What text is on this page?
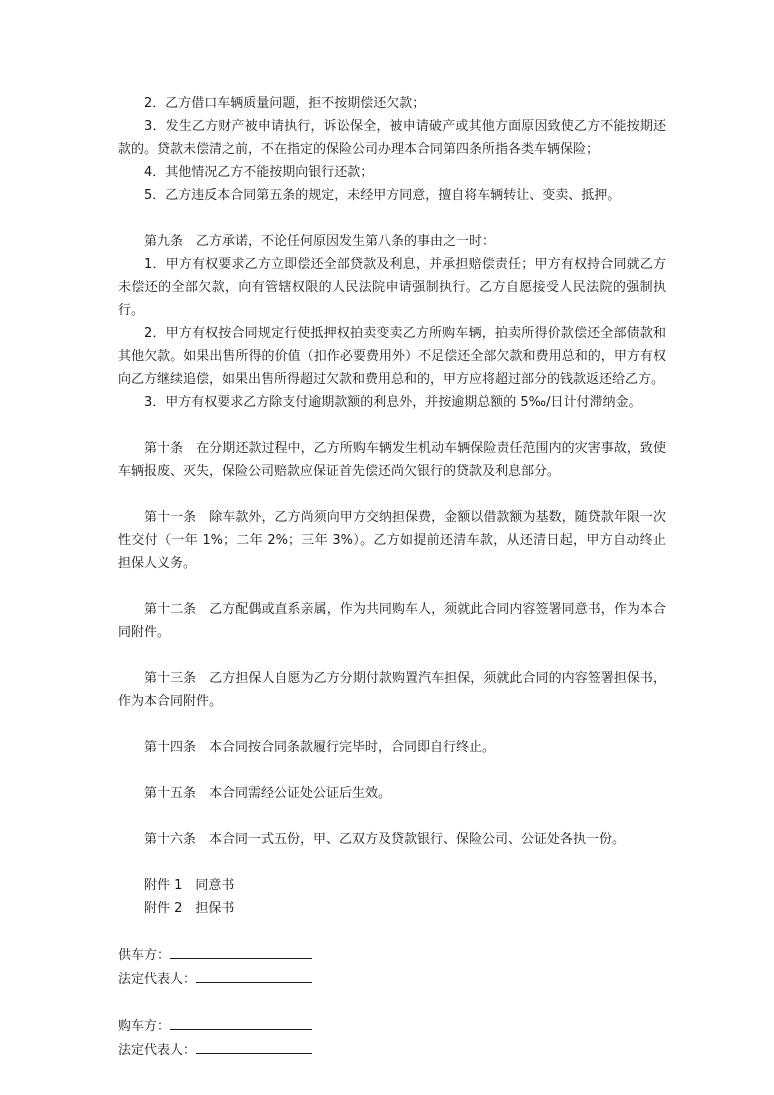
2．乙方借口车辆质量问题，拒不按期偿还欠款；

3．发生乙方财产被申请执行，诉讼保全，被申请破产或其他方面原因致使乙方不能按期还款的。贷款未偿清之前，不在指定的保险公司办理本合同第四条所指各类车辆保险；

4．其他情况乙方不能按期向银行还款；

5．乙方违反本合同第五条的规定，未经甲方同意，擅自将车辆转让、变卖、抵押。

第九条　乙方承诺，不论任何原因发生第八条的事由之一时：

1．甲方有权要求乙方立即偿还全部贷款及利息，并承担赔偿责任；甲方有权持合同就乙方未偿还的全部欠款，向有管辖权限的人民法院申请强制执行。乙方自愿接受人民法院的强制执行。

2．甲方有权按合同规定行使抵押权拍卖变卖乙方所购车辆，拍卖所得价款偿还全部债款和其他欠款。如果出售所得的价值（扣作必要费用外）不足偿还全部欠款和费用总和的，甲方有权向乙方继续追偿，如果出售所得超过欠款和费用总和的，甲方应将超过部分的钱款返还给乙方。

3．甲方有权要求乙方除支付逾期款额的利息外，并按逾期总额的 5‰/日计付滞纳金。

第十条　在分期还款过程中，乙方所购车辆发生机动车辆保险责任范围内的灾害事故，致使车辆报废、灭失，保险公司赔款应保证首先偿还尚欠银行的贷款及利息部分。

第十一条　除车款外，乙方尚须向甲方交纳担保费，金额以借款额为基数，随贷款年限一次性交付（一年 1%；二年 2%；三年 3%）。乙方如提前还清车款，从还清日起，甲方自动终止担保人义务。

第十二条　乙方配偶或直系亲属，作为共同购车人，须就此合同内容签署同意书，作为本合同附件。

第十三条　乙方担保人自愿为乙方分期付款购置汽车担保，须就此合同的内容签署担保书，作为本合同附件。

第十四条　本合同按合同条款履行完毕时，合同即自行终止。

第十五条　本合同需经公证处公证后生效。

第十六条　本合同一式五份，甲、乙双方及贷款银行、保险公司、公证处各执一份。

附件 1　同意书
附件 2　担保书
供车方：
法定代表人：
购车方：
法定代表人：
